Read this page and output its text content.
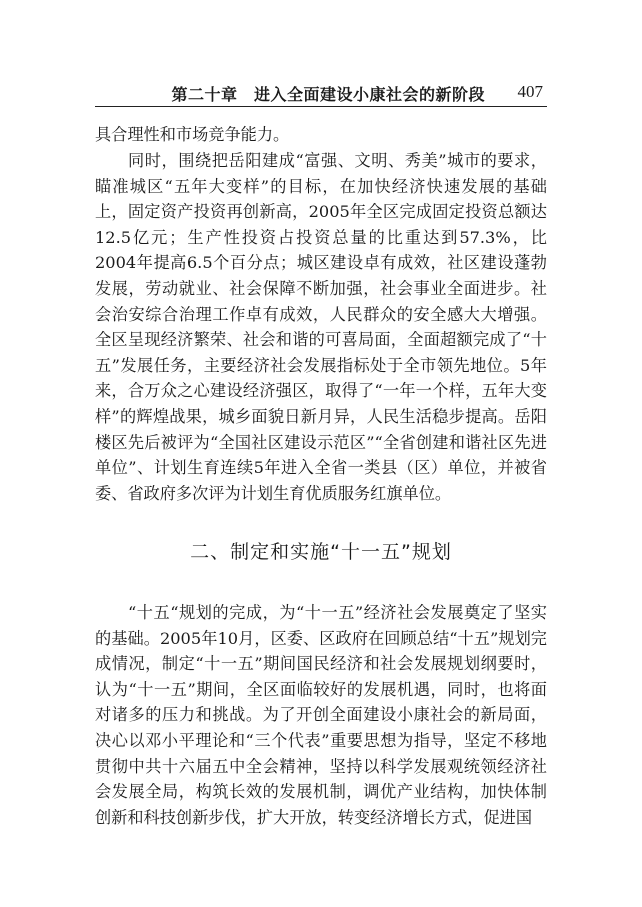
第二十章　进入全面建设小康社会的新阶段 407

具合理性和市场竞争能力。

同时，围绕把岳阳建成“富强、文明、秀美”城市的要求，瞄准城区“五年大变样”的目标，在加快经济快速发展的基础上，固定资产投资再创新高，2005年全区完成固定投资总额达12.5亿元；生产性投资占投资总量的比重达到57.3%，比2004年提高6.5个百分点；城区建设卓有成效，社区建设蓬勃发展，劳动就业、社会保障不断加强，社会事业全面进步。社会治安综合治理工作卓有成效，人民群众的安全感大大增强。全区呈现经济繁荣、社会和谐的可喜局面，全面超额完成了“十五”发展任务，主要经济社会发展指标处于全市领先地位。5年来，合万众之心建设经济强区，取得了“一年一个样，五年大变样”的辉煌战果，城乡面貌日新月异，人民生活稳步提高。岳阳楼区先后被评为“全国社区建设示范区”“全省创建和谐社区先进单位”、计划生育连续5年进入全省一类县（区）单位，并被省委、省政府多次评为计划生育优质服务红旗单位。

二、制定和实施“十一五”规划

“十五“规划的完成，为“十一五”经济社会发展奠定了坚实的基础。2005年10月，区委、区政府在回顾总结“十五”规划完成情况，制定“十一五”期间国民经济和社会发展规划纲要时，认为“十一五”期间，全区面临较好的发展机遇，同时，也将面对诸多的压力和挑战。为了开创全面建设小康社会的新局面，决心以邓小平理论和“三个代表”重要思想为指导，坚定不移地贯彻中共十六届五中全会精神，坚持以科学发展观统领经济社会发展全局，构筑长效的发展机制，调优产业结构，加快体制创新和科技创新步伐，扩大开放，转变经济增长方式，促进国
